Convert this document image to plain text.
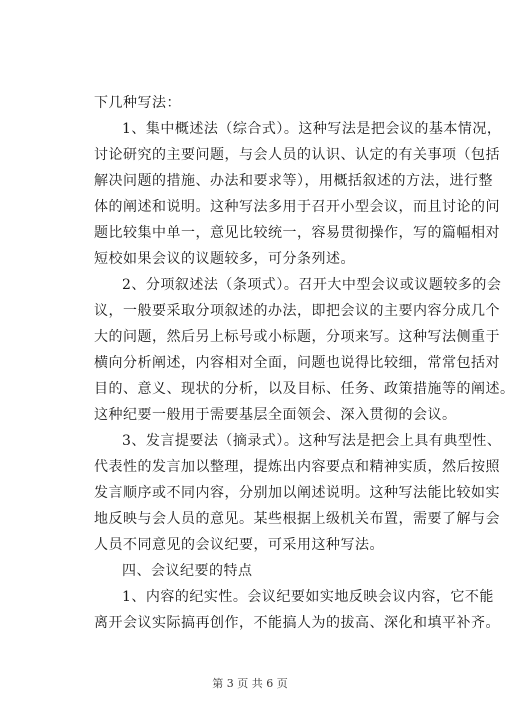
下几种写法：
1、集中概述法（综合式）。这种写法是把会议的基本情况，
讨论研究的主要问题，与会人员的认识、认定的有关事项（包括
解决问题的措施、办法和要求等），用概括叙述的方法，进行整
体的阐述和说明。这种写法多用于召开小型会议，而且讨论的问
题比较集中单一，意见比较统一，容易贯彻操作，写的篇幅相对
短校如果会议的议题较多，可分条列述。
2、分项叙述法（条项式）。召开大中型会议或议题较多的会
议，一般要采取分项叙述的办法，即把会议的主要内容分成几个
大的问题，然后另上标号或小标题，分项来写。这种写法侧重于
横向分析阐述，内容相对全面，问题也说得比较细，常常包括对
目的、意义、现状的分析，以及目标、任务、政策措施等的阐述。
这种纪要一般用于需要基层全面领会、深入贯彻的会议。
3、发言提要法（摘录式）。这种写法是把会上具有典型性、
代表性的发言加以整理，提炼出内容要点和精神实质，然后按照
发言顺序或不同内容，分别加以阐述说明。这种写法能比较如实
地反映与会人员的意见。某些根据上级机关布置，需要了解与会
人员不同意见的会议纪要，可采用这种写法。
四、会议纪要的特点
1、内容的纪实性。会议纪要如实地反映会议内容，它不能
离开会议实际搞再创作，不能搞人为的拔高、深化和填平补齐。
第 3 页 共 6 页
